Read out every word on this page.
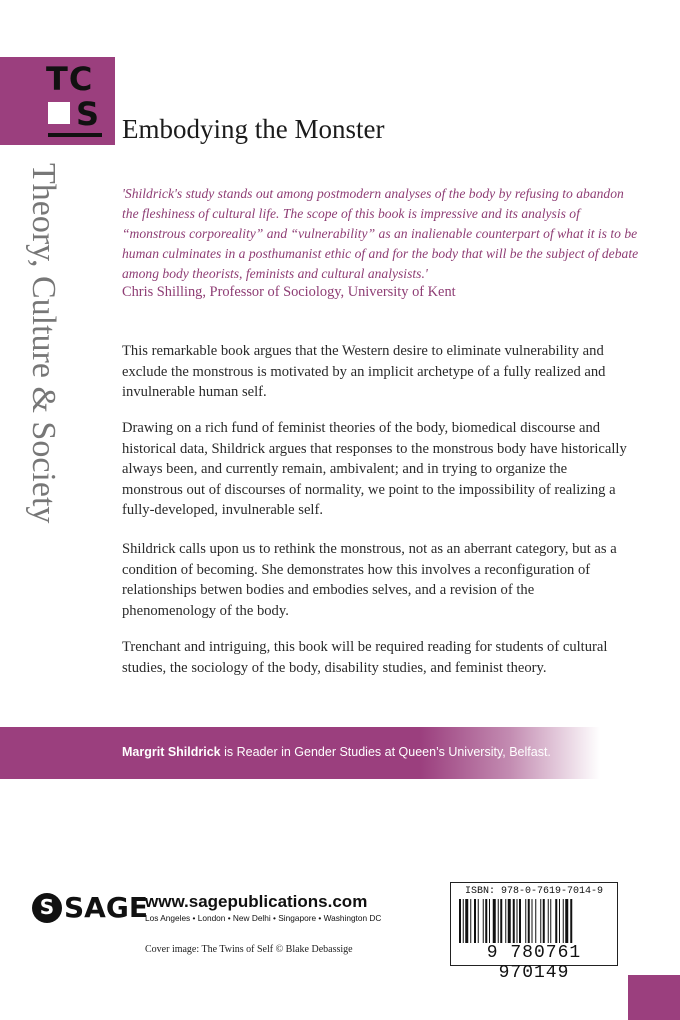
TC
S
Theory, Culture & Society
Embodying the Monster
'Shildrick's study stands out among postmodern analyses of the body by refusing to abandon the fleshiness of cultural life. The scope of this book is impressive and its analysis of “monstrous corporeality” and “vulnerability” as an inalienable counterpart of what it is to be human culminates in a posthumanist ethic of and for the body that will be the subject of debate among body theorists, feminists and cultural analysists.'
Chris Shilling, Professor of Sociology, University of Kent
This remarkable book argues that the Western desire to eliminate vulnerability and exclude the monstrous is motivated by an implicit archetype of a fully realized and invulnerable human self.
Drawing on a rich fund of feminist theories of the body, biomedical discourse and historical data, Shildrick argues that responses to the monstrous body have historically always been, and currently remain, ambivalent; and in trying to organize the monstrous out of discourses of normality, we point to the impossibility of realizing a fully-developed, invulnerable self.
Shildrick calls upon us to rethink the monstrous, not as an aberrant category, but as a condition of becoming. She demonstrates how this involves a reconfiguration of relationships betwen bodies and embodies selves, and a revision of the phenomenology of the body.
Trenchant and intriguing, this book will be required reading for students of cultural studies, the sociology of the body, disability studies, and feminist theory.
Margrit Shildrick is Reader in Gender Studies at Queen’s University, Belfast.
S SAGE
www.sagepublications.com
Los Angeles • London • New Delhi • Singapore • Washington DC
Cover image: The Twins of Self © Blake Debassige
ISBN: 978-0-7619-7014-9
9 780761 970149
